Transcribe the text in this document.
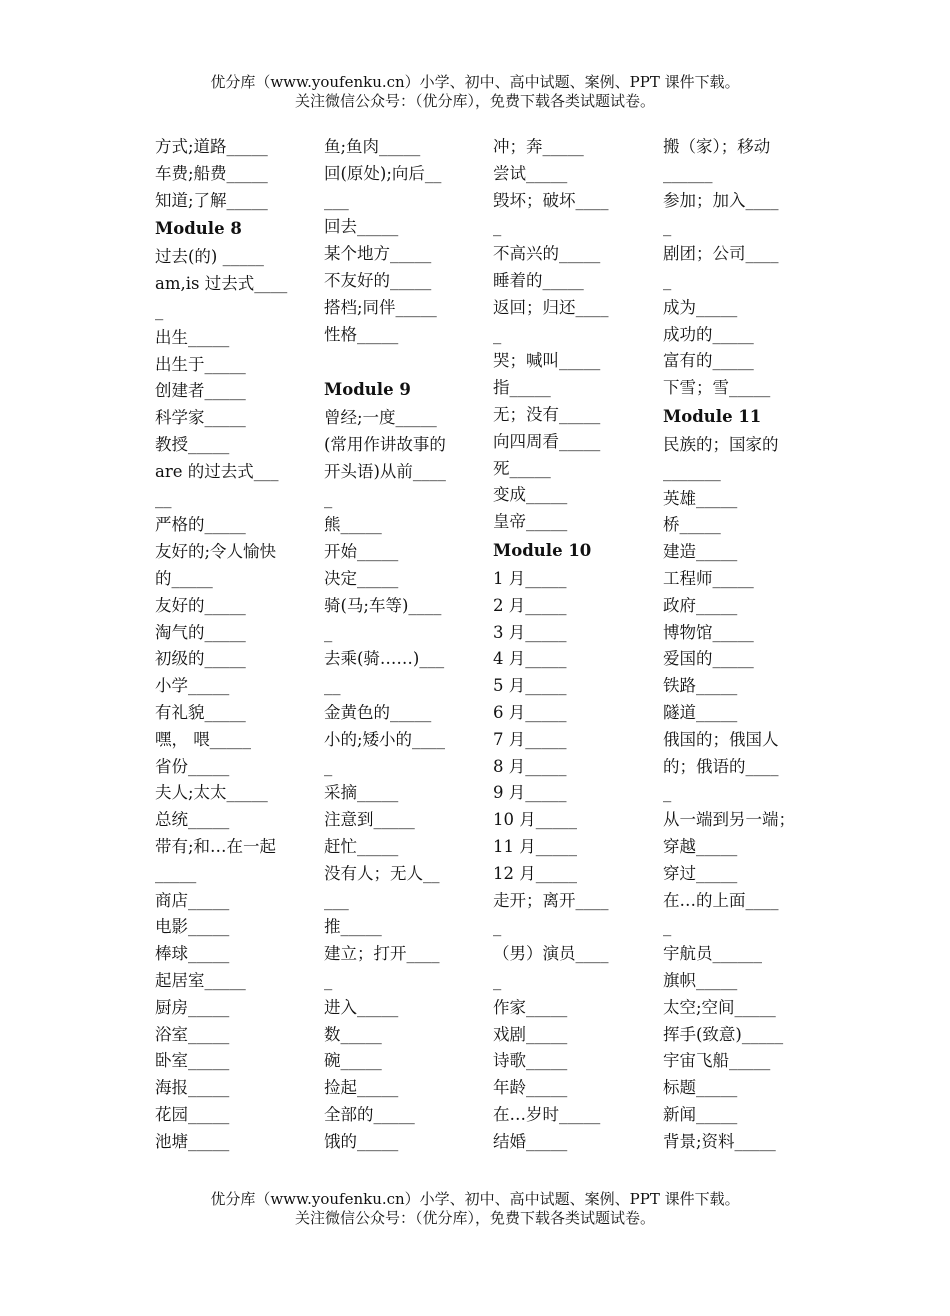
优分库（www.youfenku.cn）小学、初中、高中试题、案例、PPT 课件下载。
关注微信公众号：（优分库），免费下载各类试题试卷。
方式;道路_____
车费;船费_____
知道;了解_____
Module 8
过去(的) _____
am,is 过去式____
_
出生_____
出生于_____
创建者_____
科学家_____
教授_____
are 的过去式___
__
严格的_____
友好的;令人愉快
的_____
友好的_____
淘气的_____
初级的_____
小学_____
有礼貌_____
嘿， 喂_____
省份_____
夫人;太太_____
总统_____
带有;和…在一起
_____
商店_____
电影_____
棒球_____
起居室_____
厨房_____
浴室_____
卧室_____
海报_____
花园_____
池塘_____
鱼;鱼肉_____
回(原处);向后__
___
回去_____
某个地方_____
不友好的_____
搭档;同伴_____
性格_____
Module 9
曾经;一度_____
(常用作讲故事的
开头语)从前____
_
熊_____
开始_____
决定_____
骑(马;车等)____
_
去乘(骑……)___
__
金黄色的_____
小的;矮小的____
_
采摘_____
注意到_____
赶忙_____
没有人；无人__
___
推_____
建立；打开____
_
进入_____
数_____
碗_____
捡起_____
全部的_____
饿的_____
冲；奔_____
尝试_____
毁坏；破坏____
_
不高兴的_____
睡着的_____
返回；归还____
_
哭；喊叫_____
指_____
无；没有_____
向四周看_____
死_____
变成_____
皇帝_____
Module 10
1 月_____
2 月_____
3 月_____
4 月_____
5 月_____
6 月_____
7 月_____
8 月_____
9 月_____
10 月_____
11 月_____
12 月_____
走开；离开____
_
（男）演员____
_
作家_____
戏剧_____
诗歌_____
年龄_____
在…岁时_____
结婚_____
搬（家）；移动
______
参加；加入____
_
剧团；公司____
_
成为_____
成功的_____
富有的_____
下雪；雪_____
Module 11
民族的；国家的
_______
英雄_____
桥_____
建造_____
工程师_____
政府_____
博物馆_____
爱国的_____
铁路_____
隧道_____
俄国的；俄国人
的；俄语的____
_
从一端到另一端；
穿越_____
穿过_____
在…的上面____
_
宇航员______
旗帜_____
太空;空间_____
挥手(致意)_____
宇宙飞船_____
标题_____
新闻_____
背景;资料_____
优分库（www.youfenku.cn）小学、初中、高中试题、案例、PPT 课件下载。
关注微信公众号：（优分库），免费下载各类试题试卷。
